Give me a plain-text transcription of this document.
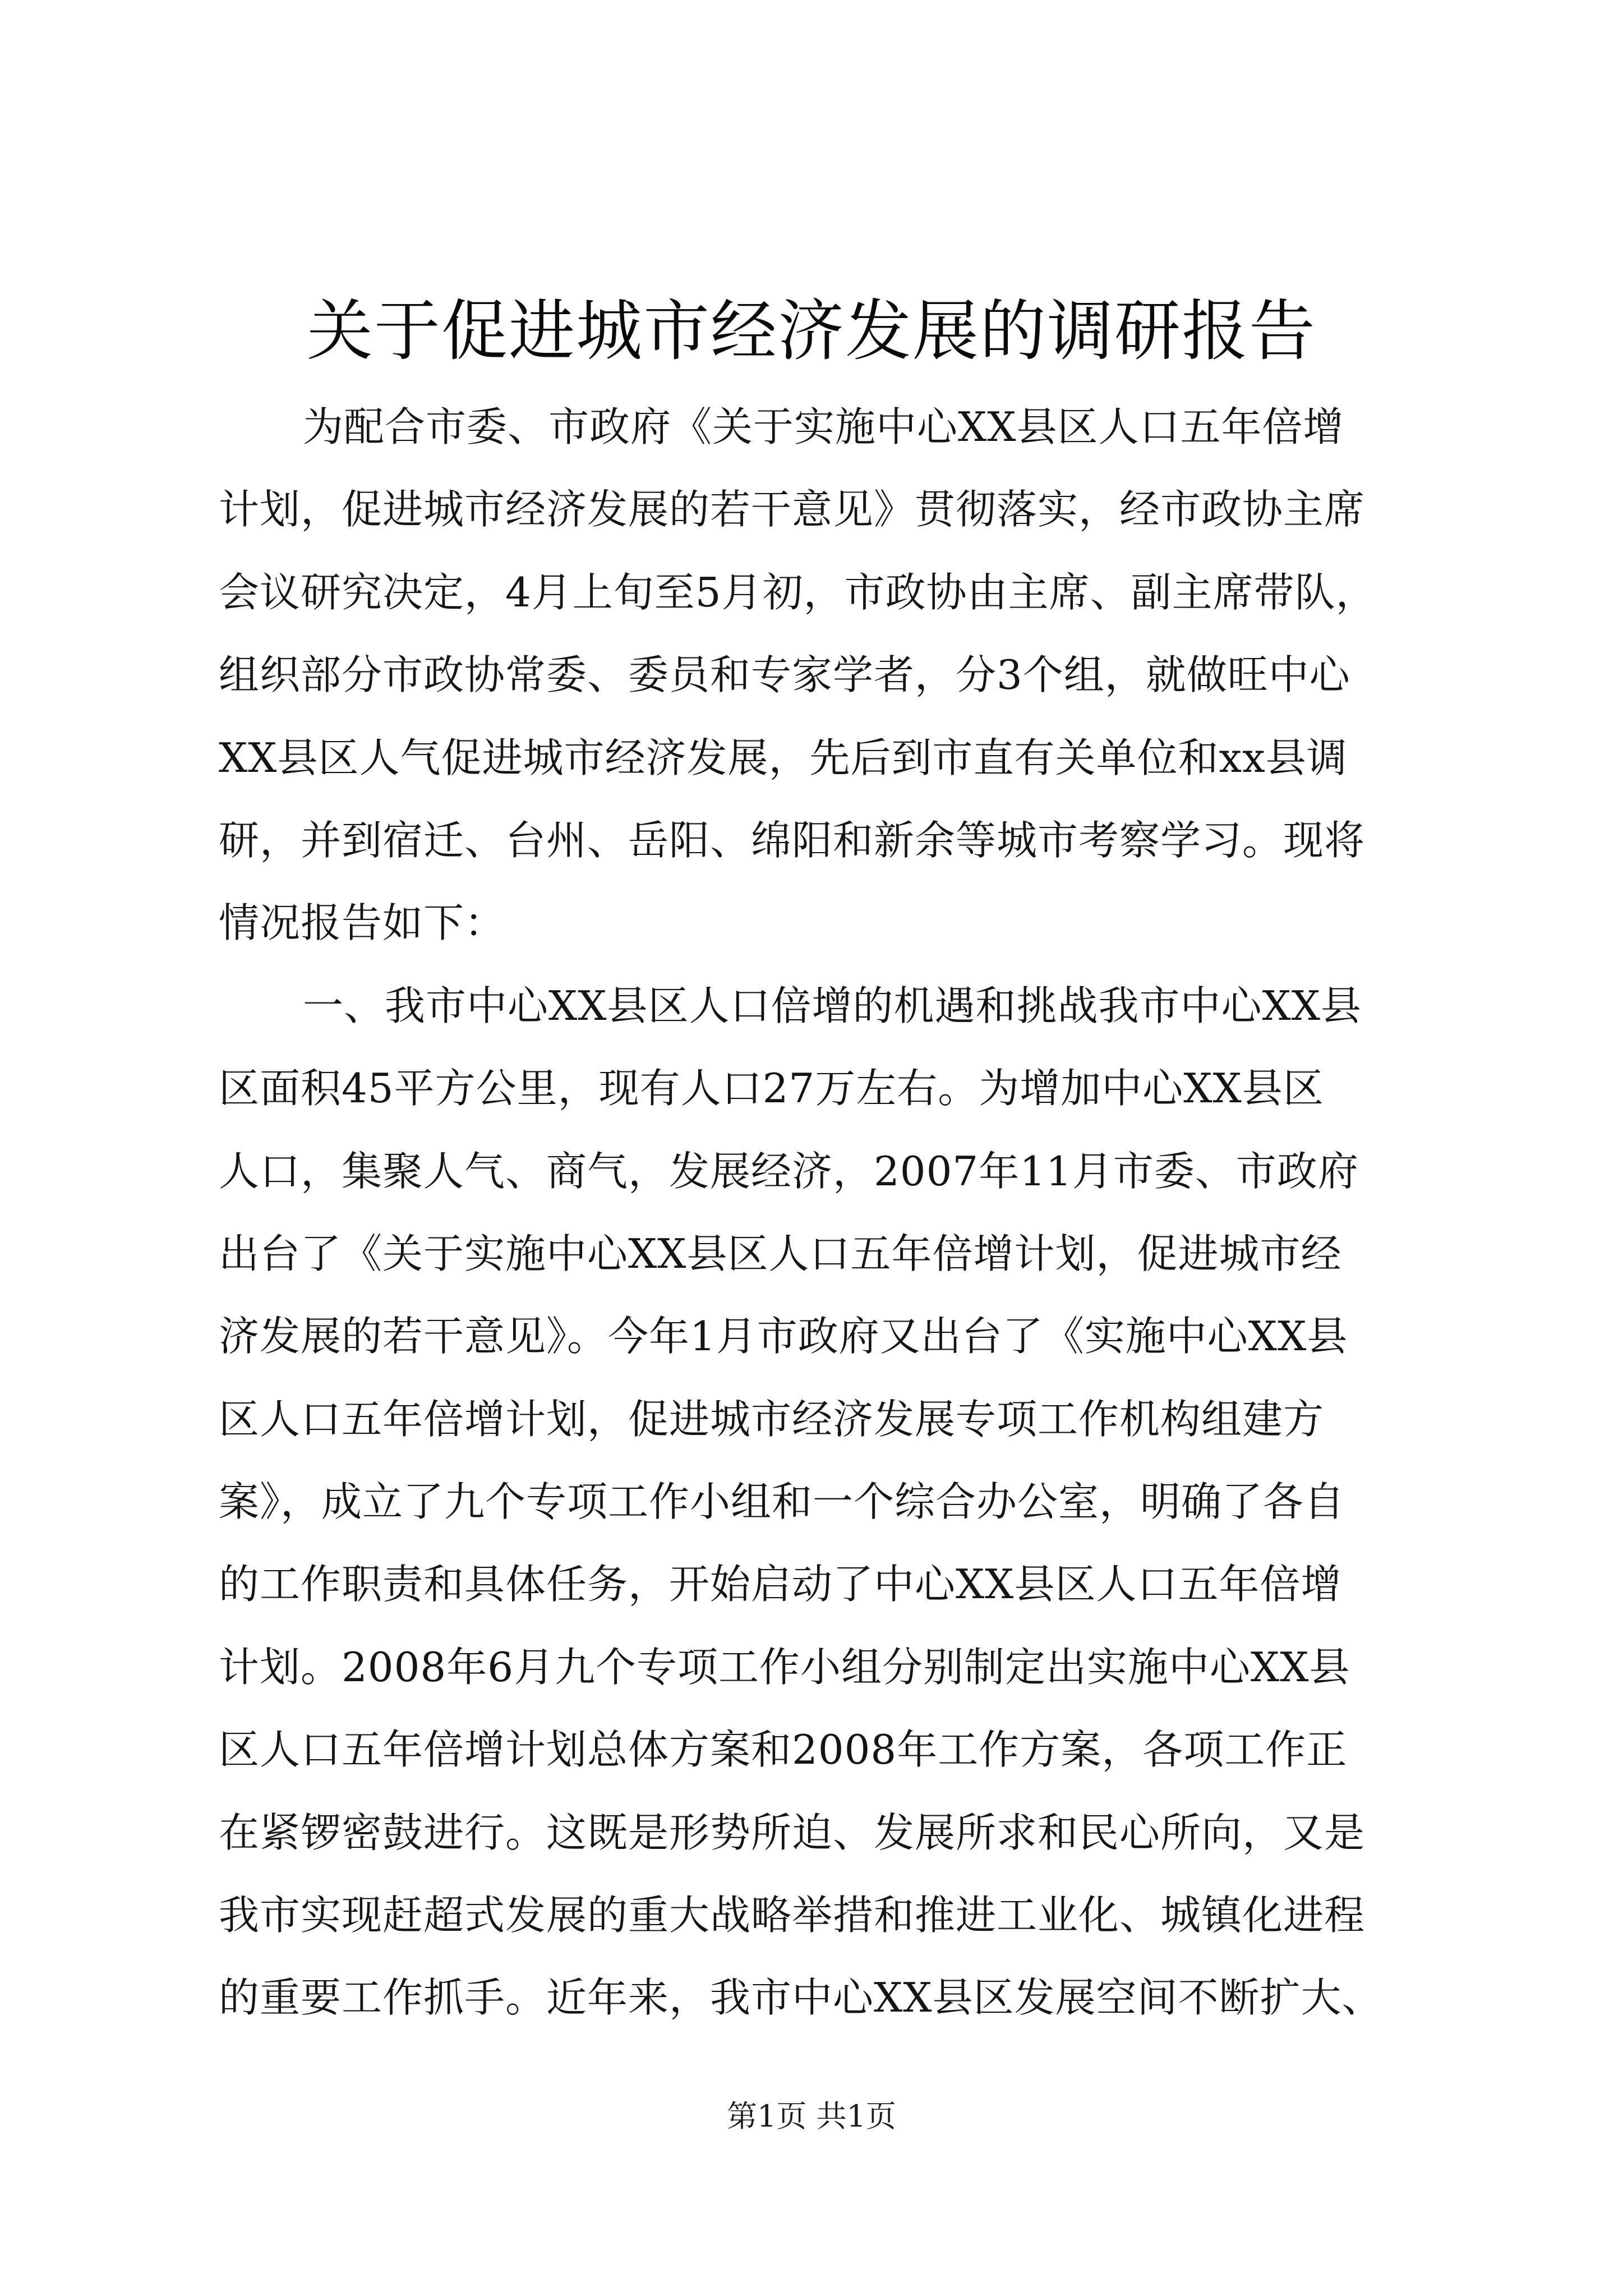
关于促进城市经济发展的调研报告
为配合市委、市政府《关于实施中心XX县区人口五年倍增
计划，促进城市经济发展的若干意见》贯彻落实，经市政协主席
会议研究决定，4月上旬至5月初，市政协由主席、副主席带队，
组织部分市政协常委、委员和专家学者，分3个组，就做旺中心
XX县区人气促进城市经济发展，先后到市直有关单位和xx县调
研，并到宿迁、台州、岳阳、绵阳和新余等城市考察学习。现将
情况报告如下：
一、我市中心XX县区人口倍增的机遇和挑战我市中心XX县
区面积45平方公里，现有人口27万左右。为增加中心XX县区
人口，集聚人气、商气，发展经济，2007年11月市委、市政府
出台了《关于实施中心XX县区人口五年倍增计划，促进城市经
济发展的若干意见》。今年1月市政府又出台了《实施中心XX县
区人口五年倍增计划，促进城市经济发展专项工作机构组建方
案》，成立了九个专项工作小组和一个综合办公室，明确了各自
的工作职责和具体任务，开始启动了中心XX县区人口五年倍增
计划。2008年6月九个专项工作小组分别制定出实施中心XX县
区人口五年倍增计划总体方案和2008年工作方案，各项工作正
在紧锣密鼓进行。这既是形势所迫、发展所求和民心所向，又是
我市实现赶超式发展的重大战略举措和推进工业化、城镇化进程
的重要工作抓手。近年来，我市中心XX县区发展空间不断扩大、
第1页 共1页
